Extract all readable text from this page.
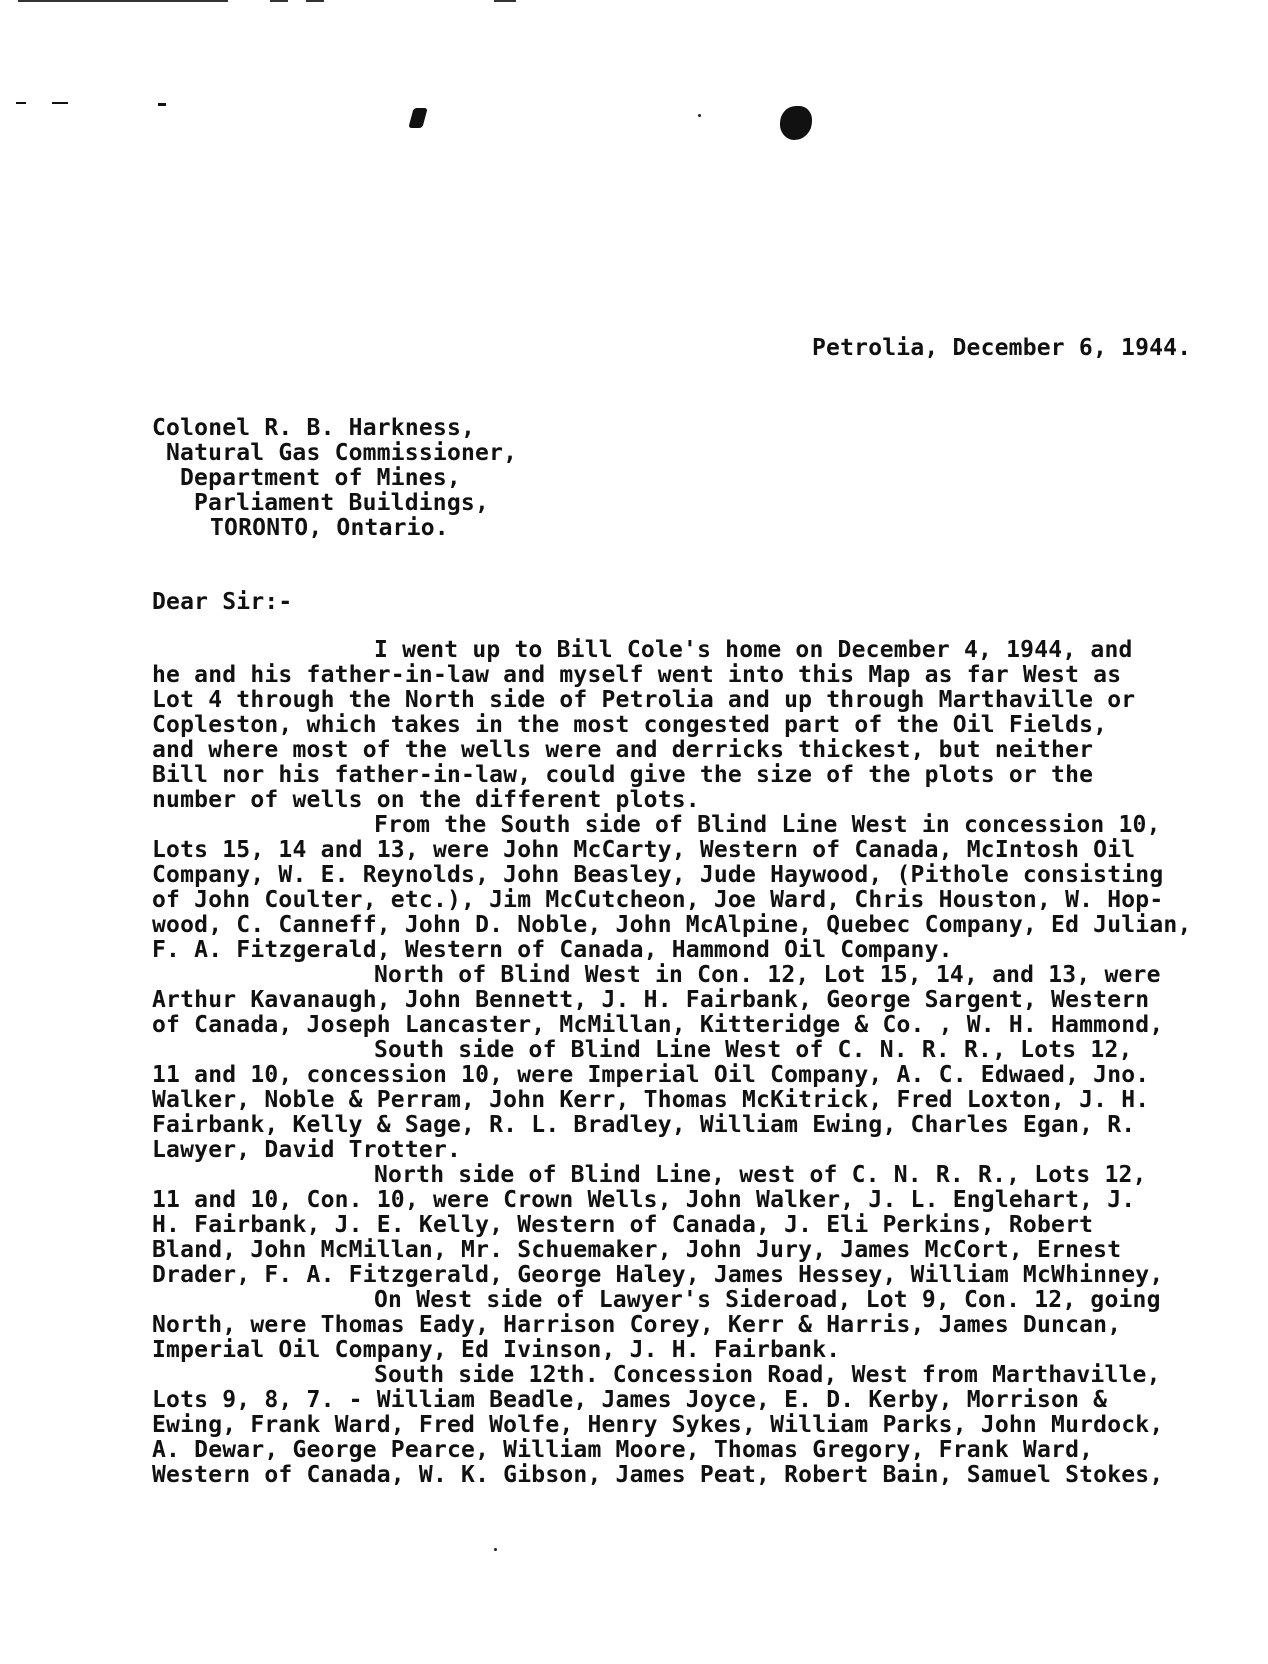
Petrolia, December 6, 1944.
Colonel R. B. Harkness,
Natural Gas Commissioner,
Department of Mines,
Parliament Buildings,
TORONTO, Ontario.
Dear Sir:-
I went up to Bill Cole's home on December 4, 1944, and
he and his father-in-law and myself went into this Map as far West as
Lot 4 through the North side of Petrolia and up through Marthaville or
Copleston, which takes in the most congested part of the Oil Fields,
and where most of the wells were and derricks thickest, but neither
Bill nor his father-in-law, could give the size of the plots or the
number of wells on the different plots.
From the South side of Blind Line West in concession 10,
Lots 15, 14 and 13, were John McCarty, Western of Canada, McIntosh Oil
Company, W. E. Reynolds, John Beasley, Jude Haywood, (Pithole consisting
of John Coulter, etc.), Jim McCutcheon, Joe Ward, Chris Houston, W. Hop-
wood, C. Canneff, John D. Noble, John McAlpine, Quebec Company, Ed Julian,
F. A. Fitzgerald, Western of Canada, Hammond Oil Company.
North of Blind West in Con. 12, Lot 15, 14, and 13, were
Arthur Kavanaugh, John Bennett, J. H. Fairbank, George Sargent, Western
of Canada, Joseph Lancaster, McMillan, Kitteridge & Co. , W. H. Hammond,
South side of Blind Line West of C. N. R. R., Lots 12,
11 and 10, concession 10, were Imperial Oil Company, A. C. Edwaed, Jno.
Walker, Noble & Perram, John Kerr, Thomas McKitrick, Fred Loxton, J. H.
Fairbank, Kelly & Sage, R. L. Bradley, William Ewing, Charles Egan, R.
Lawyer, David Trotter.
North side of Blind Line, west of C. N. R. R., Lots 12,
11 and 10, Con. 10, were Crown Wells, John Walker, J. L. Englehart, J.
H. Fairbank, J. E. Kelly, Western of Canada, J. Eli Perkins, Robert
Bland, John McMillan, Mr. Schuemaker, John Jury, James McCort, Ernest
Drader, F. A. Fitzgerald, George Haley, James Hessey, William McWhinney,
On West side of Lawyer's Sideroad, Lot 9, Con. 12, going
North, were Thomas Eady, Harrison Corey, Kerr & Harris, James Duncan,
Imperial Oil Company, Ed Ivinson, J. H. Fairbank.
South side 12th. Concession Road, West from Marthaville,
Lots 9, 8, 7. - William Beadle, James Joyce, E. D. Kerby, Morrison &
Ewing, Frank Ward, Fred Wolfe, Henry Sykes, William Parks, John Murdock,
A. Dewar, George Pearce, William Moore, Thomas Gregory, Frank Ward,
Western of Canada, W. K. Gibson, James Peat, Robert Bain, Samuel Stokes,
